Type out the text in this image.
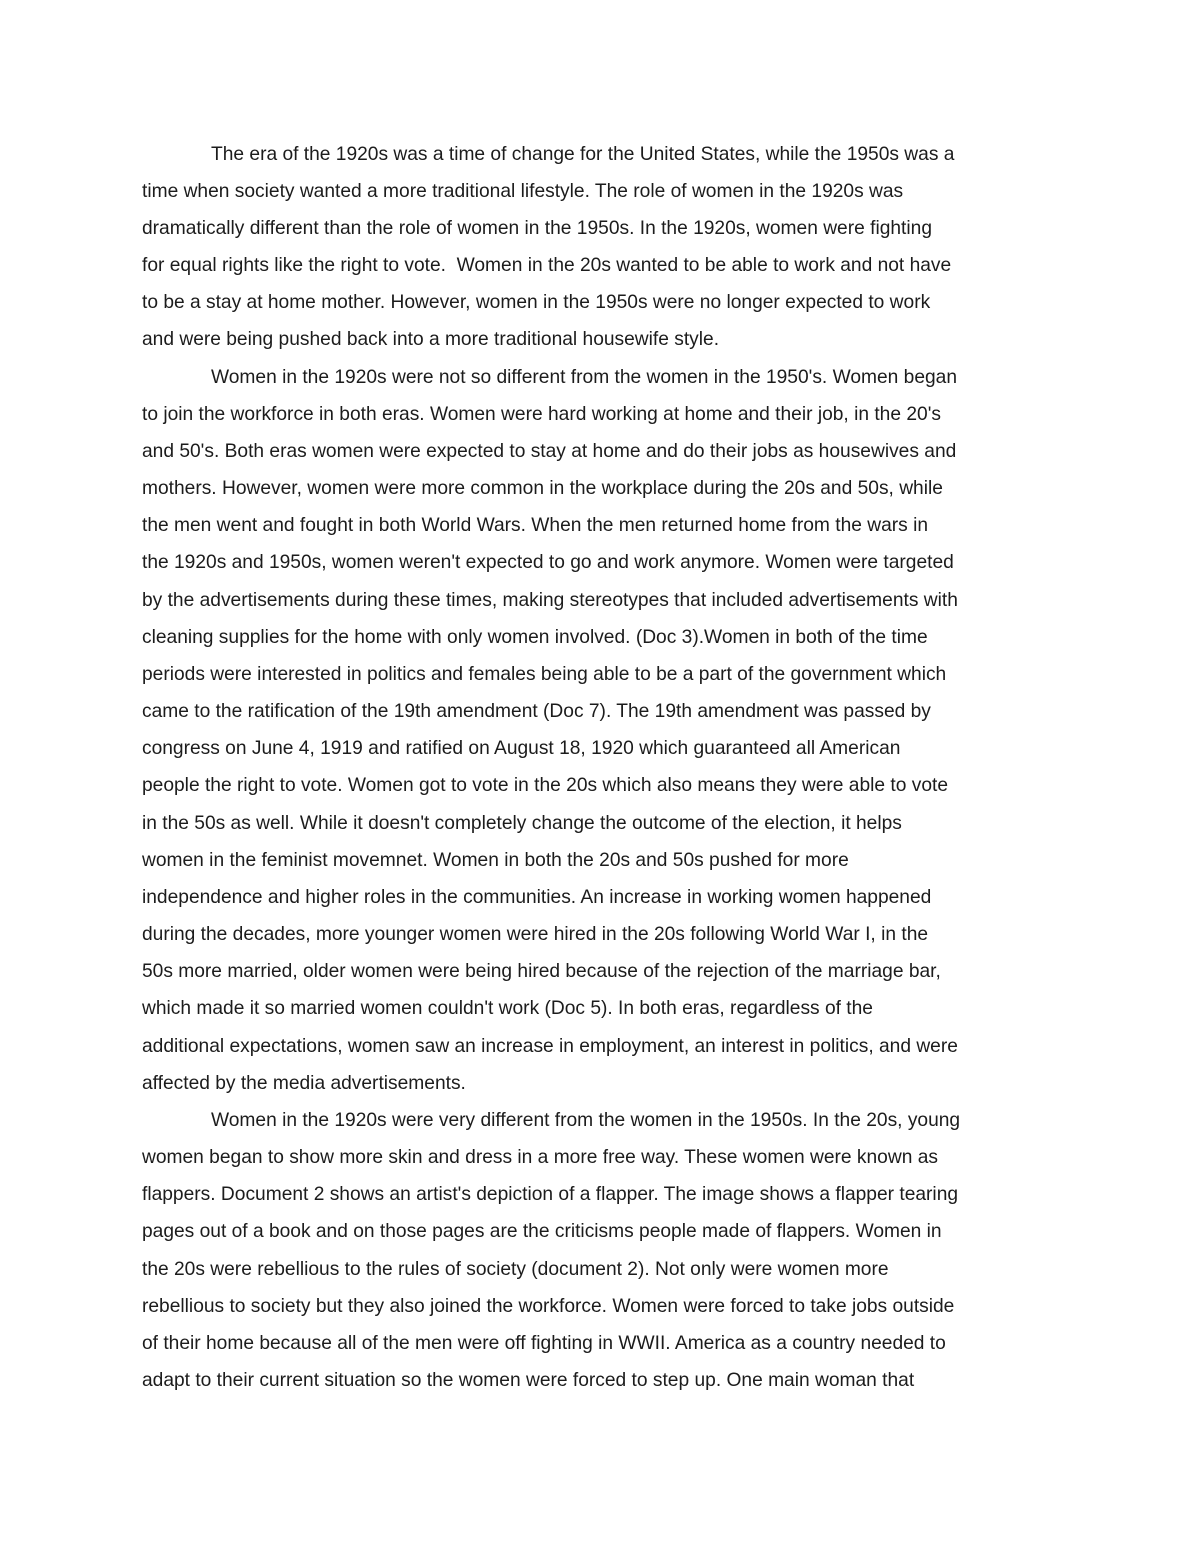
The era of the 1920s was a time of change for the United States, while the 1950s was a

time when society wanted a more traditional lifestyle. The role of women in the 1920s was

dramatically different than the role of women in the 1950s. In the 1920s, women were fighting

for equal rights like the right to vote.  Women in the 20s wanted to be able to work and not have

to be a stay at home mother. However, women in the 1950s were no longer expected to work

and were being pushed back into a more traditional housewife style.

Women in the 1920s were not so different from the women in the 1950's. Women began

to join the workforce in both eras. Women were hard working at home and their job, in the 20's

and 50's. Both eras women were expected to stay at home and do their jobs as housewives and

mothers. However, women were more common in the workplace during the 20s and 50s, while

the men went and fought in both World Wars. When the men returned home from the wars in

the 1920s and 1950s, women weren't expected to go and work anymore. Women were targeted

by the advertisements during these times, making stereotypes that included advertisements with

cleaning supplies for the home with only women involved. (Doc 3).Women in both of the time

periods were interested in politics and females being able to be a part of the government which

came to the ratification of the 19th amendment (Doc 7). The 19th amendment was passed by

congress on June 4, 1919 and ratified on August 18, 1920 which guaranteed all American

people the right to vote. Women got to vote in the 20s which also means they were able to vote

in the 50s as well. While it doesn't completely change the outcome of the election, it helps

women in the feminist movemnet. Women in both the 20s and 50s pushed for more

independence and higher roles in the communities. An increase in working women happened

during the decades, more younger women were hired in the 20s following World War I, in the

50s more married, older women were being hired because of the rejection of the marriage bar,

which made it so married women couldn't work (Doc 5). In both eras, regardless of the

additional expectations, women saw an increase in employment, an interest in politics, and were

affected by the media advertisements.

Women in the 1920s were very different from the women in the 1950s. In the 20s, young

women began to show more skin and dress in a more free way. These women were known as

flappers. Document 2 shows an artist's depiction of a flapper. The image shows a flapper tearing

pages out of a book and on those pages are the criticisms people made of flappers. Women in

the 20s were rebellious to the rules of society (document 2). Not only were women more

rebellious to society but they also joined the workforce. Women were forced to take jobs outside

of their home because all of the men were off fighting in WWII. America as a country needed to

adapt to their current situation so the women were forced to step up. One main woman that
